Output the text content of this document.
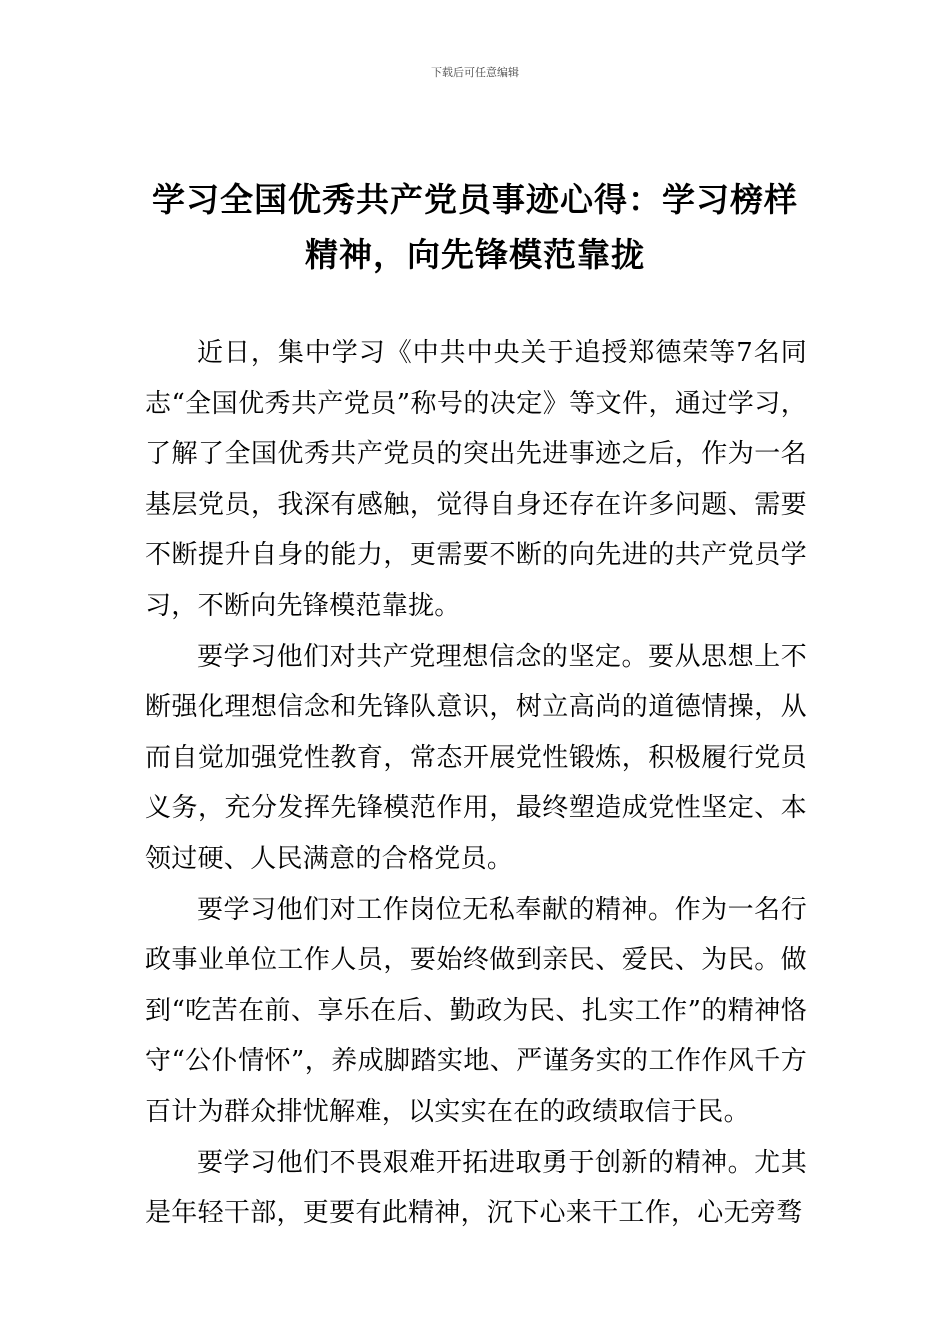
下载后可任意编辑
学习全国优秀共产党员事迹心得：学习榜样精神，向先锋模范靠拢

近日，集中学习《中共中央关于追授郑德荣等7名同志“全国优秀共产党员”称号的决定》等文件，通过学习，了解了全国优秀共产党员的突出先进事迹之后，作为一名基层党员，我深有感触，觉得自身还存在许多问题、需要不断提升自身的能力，更需要不断的向先进的共产党员学习，不断向先锋模范靠拢。

要学习他们对共产党理想信念的坚定。要从思想上不断强化理想信念和先锋队意识，树立高尚的道德情操，从而自觉加强党性教育，常态开展党性锻炼，积极履行党员义务，充分发挥先锋模范作用，最终塑造成党性坚定、本领过硬、人民满意的合格党员。

要学习他们对工作岗位无私奉献的精神。作为一名行政事业单位工作人员，要始终做到亲民、爱民、为民。做到“吃苦在前、享乐在后、勤政为民、扎实工作”的精神恪守“公仆情怀”，养成脚踏实地、严谨务实的工作作风千方百计为群众排忧解难，以实实在在的政绩取信于民。

要学习他们不畏艰难开拓进取勇于创新的精神。尤其是年轻干部，更要有此精神，沉下心来干工作，心无旁骛
